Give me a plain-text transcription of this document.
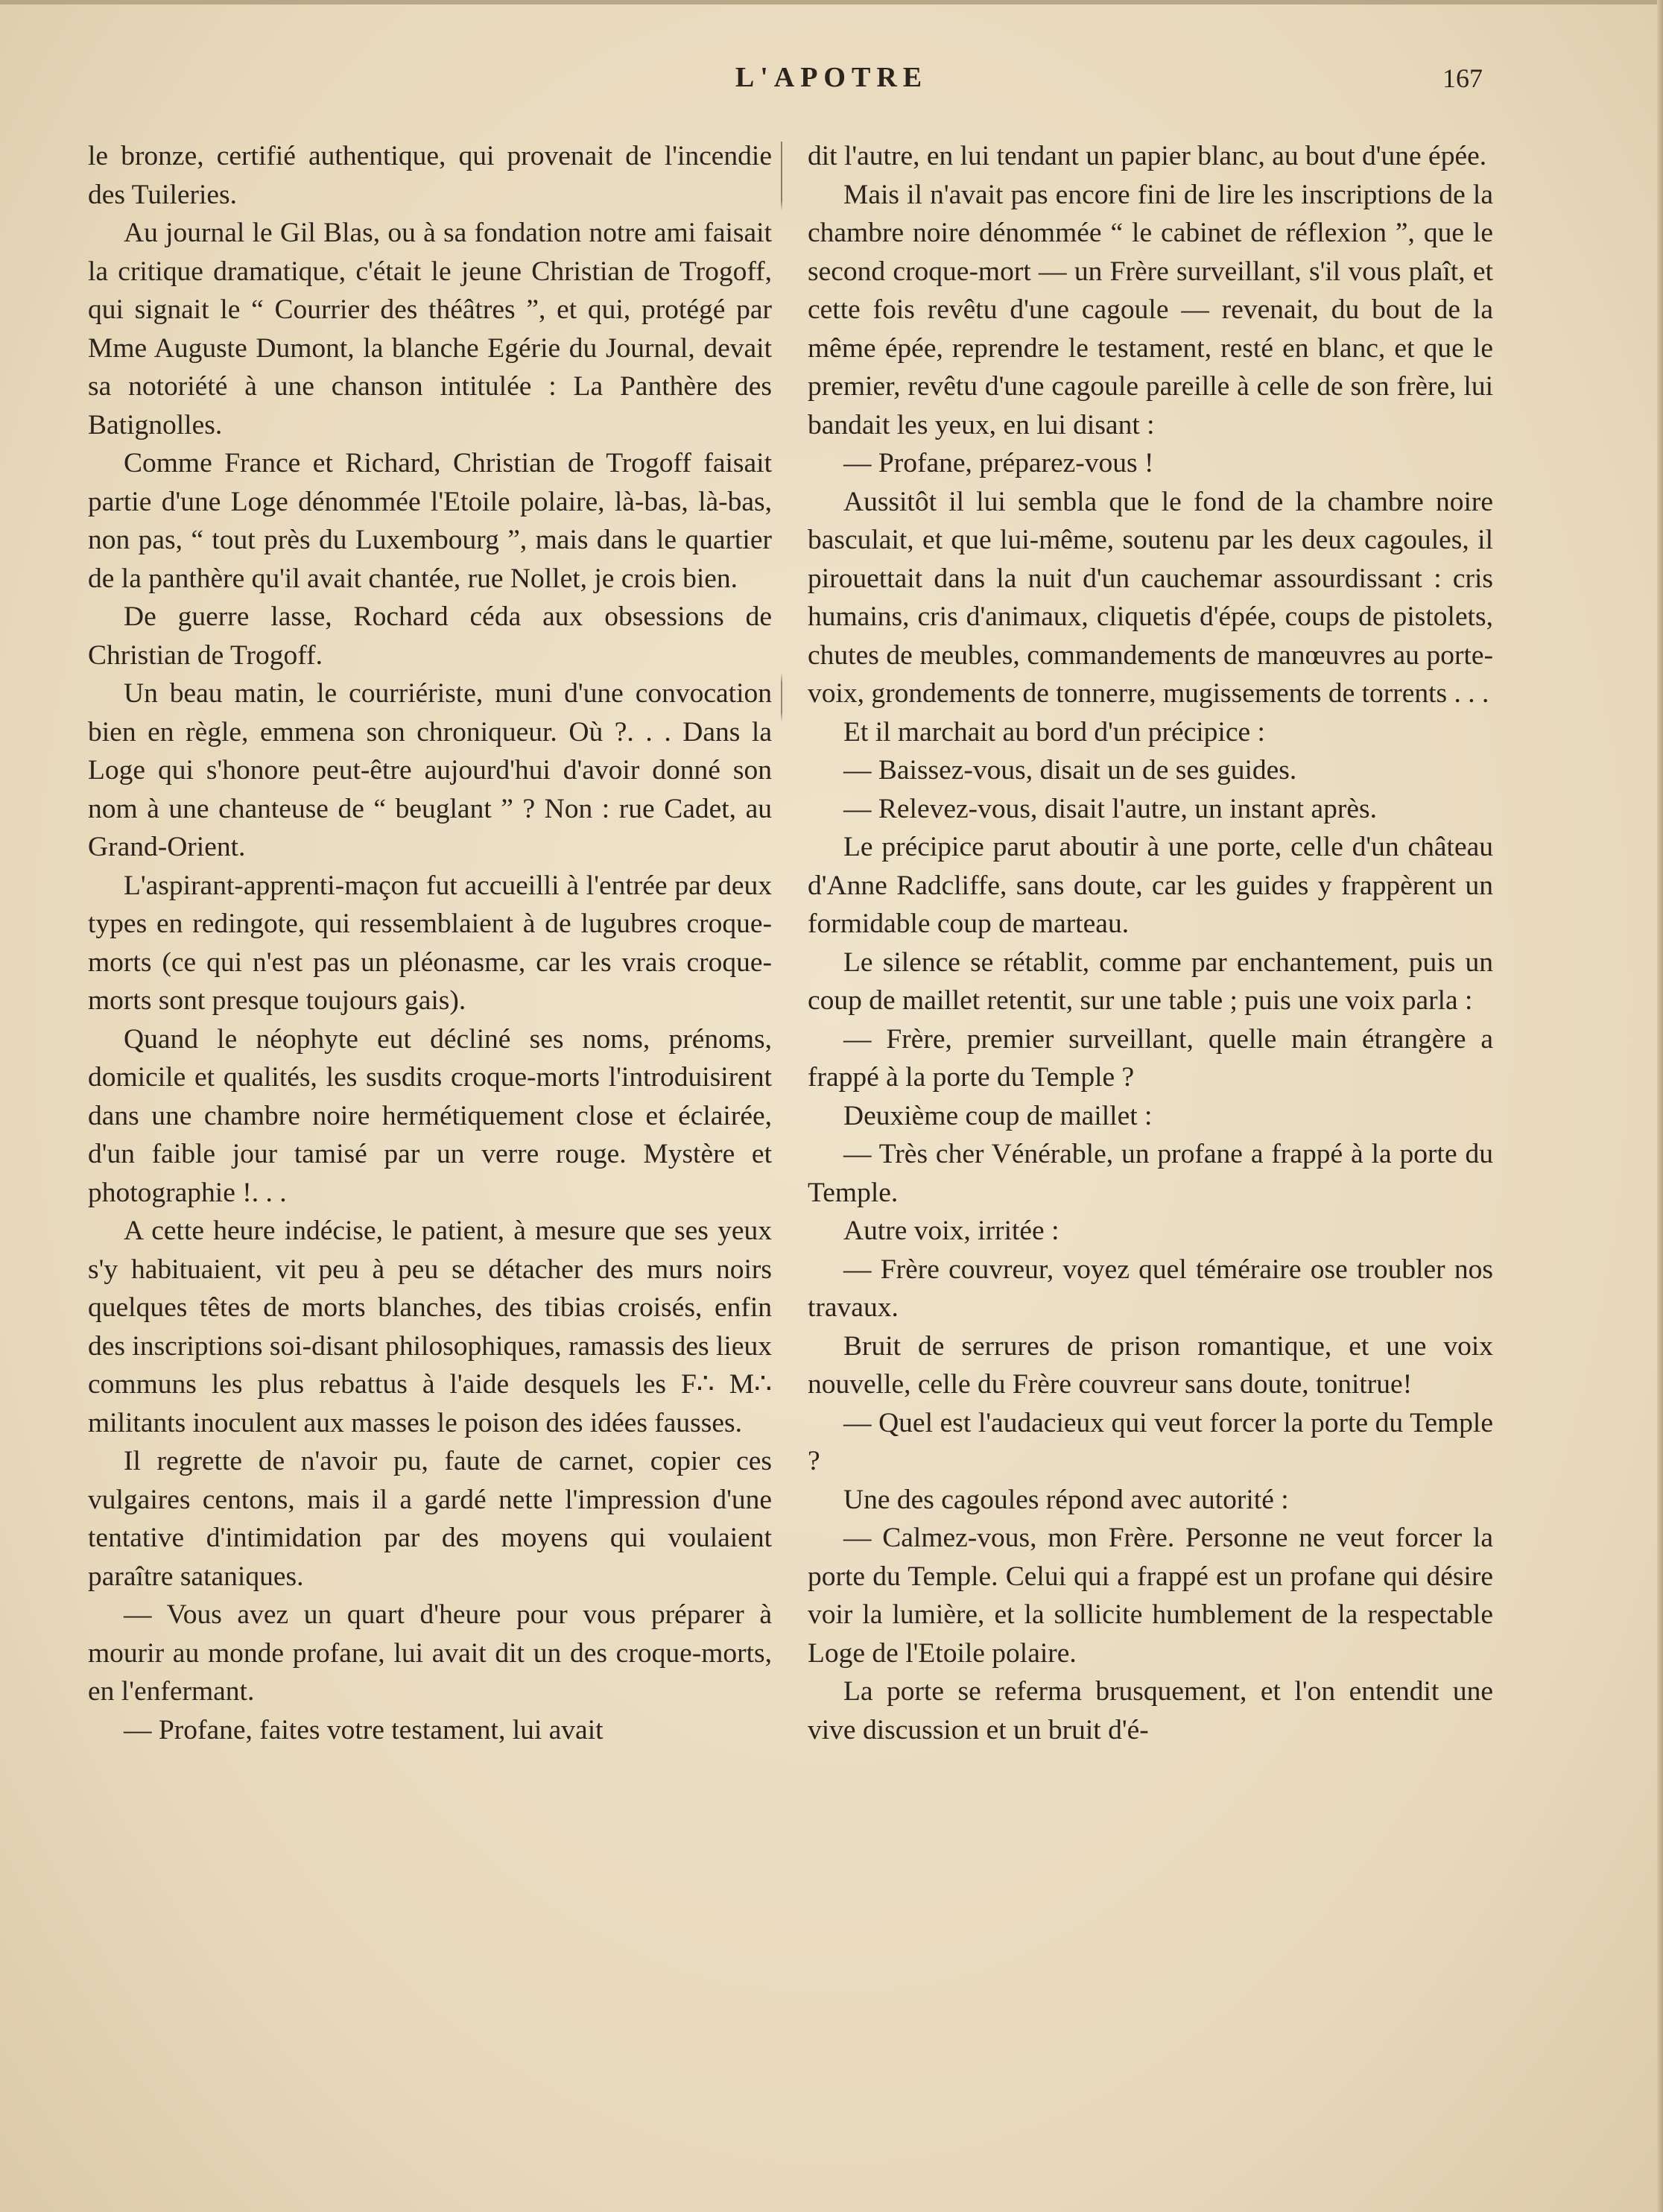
L'APOTRE	167

le bronze, certifié authentique, qui provenait de l'incendie des Tuileries.

Au journal le Gil Blas, ou à sa fondation notre ami faisait la critique dramatique, c'était le jeune Christian de Trogoff, qui signait le “ Courrier des théâtres ”, et qui, protégé par Mme Auguste Dumont, la blanche Egérie du Journal, devait sa notoriété à une chanson intitulée : La Panthère des Batignolles.

Comme France et Richard, Christian de Trogoff faisait partie d'une Loge dénommée l'Etoile polaire, là-bas, là-bas, non pas, “ tout près du Luxembourg ”, mais dans le quartier de la panthère qu'il avait chantée, rue Nollet, je crois bien.

De guerre lasse, Rochard céda aux obsessions de Christian de Trogoff.

Un beau matin, le courriériste, muni d'une convocation bien en règle, emmena son chroniqueur. Où ?. . . Dans la Loge qui s'honore peut-être aujourd'hui d'avoir donné son nom à une chanteuse de “ beuglant ” ? Non : rue Cadet, au Grand-Orient.

L'aspirant-apprenti-maçon fut accueilli à l'entrée par deux types en redingote, qui ressemblaient à de lugubres croque-morts (ce qui n'est pas un pléonasme, car les vrais croque-morts sont presque toujours gais).

Quand le néophyte eut décliné ses noms, prénoms, domicile et qualités, les susdits croque-morts l'introduisirent dans une chambre noire hermétiquement close et éclairée, d'un faible jour tamisé par un verre rouge. Mystère et photographie !. . .

A cette heure indécise, le patient, à mesure que ses yeux s'y habituaient, vit peu à peu se détacher des murs noirs quelques têtes de morts blanches, des tibias croisés, enfin des inscriptions soi-disant philosophiques, ramassis des lieux communs les plus rebattus à l'aide desquels les F∴ M∴ militants inoculent aux masses le poison des idées fausses.

Il regrette de n'avoir pu, faute de carnet, copier ces vulgaires centons, mais il a gardé nette l'impression d'une tentative d'intimidation par des moyens qui voulaient paraître sataniques.

— Vous avez un quart d'heure pour vous préparer à mourir au monde profane, lui avait dit un des croque-morts, en l'enfermant.

— Profane, faites votre testament, lui avait

dit l'autre, en lui tendant un papier blanc, au bout d'une épée.

Mais il n'avait pas encore fini de lire les inscriptions de la chambre noire dénommée “ le cabinet de réflexion ”, que le second croque-mort — un Frère surveillant, s'il vous plaît, et cette fois revêtu d'une cagoule — revenait, du bout de la même épée, reprendre le testament, resté en blanc, et que le premier, revêtu d'une cagoule pareille à celle de son frère, lui bandait les yeux, en lui disant :

— Profane, préparez-vous !

Aussitôt il lui sembla que le fond de la chambre noire basculait, et que lui-même, soutenu par les deux cagoules, il pirouettait dans la nuit d'un cauchemar assourdissant : cris humains, cris d'animaux, cliquetis d'épée, coups de pistolets, chutes de meubles, commandements de manœuvres au porte-voix, grondements de tonnerre, mugissements de torrents . . .

Et il marchait au bord d'un précipice :

— Baissez-vous, disait un de ses guides.

— Relevez-vous, disait l'autre, un instant après.

Le précipice parut aboutir à une porte, celle d'un château d'Anne Radcliffe, sans doute, car les guides y frappèrent un formidable coup de marteau.

Le silence se rétablit, comme par enchantement, puis un coup de maillet retentit, sur une table ; puis une voix parla :

— Frère, premier surveillant, quelle main étrangère a frappé à la porte du Temple ?

Deuxième coup de maillet :

— Très cher Vénérable, un profane a frappé à la porte du Temple.

Autre voix, irritée :

— Frère couvreur, voyez quel téméraire ose troubler nos travaux.

Bruit de serrures de prison romantique, et une voix nouvelle, celle du Frère couvreur sans doute, tonitrue!

— Quel est l'audacieux qui veut forcer la porte du Temple ?

Une des cagoules répond avec autorité :

— Calmez-vous, mon Frère. Personne ne veut forcer la porte du Temple. Celui qui a frappé est un profane qui désire voir la lumière, et la sollicite humblement de la respectable Loge de l'Etoile polaire.

La porte se referma brusquement, et l'on entendit une vive discussion et un bruit d'é-
